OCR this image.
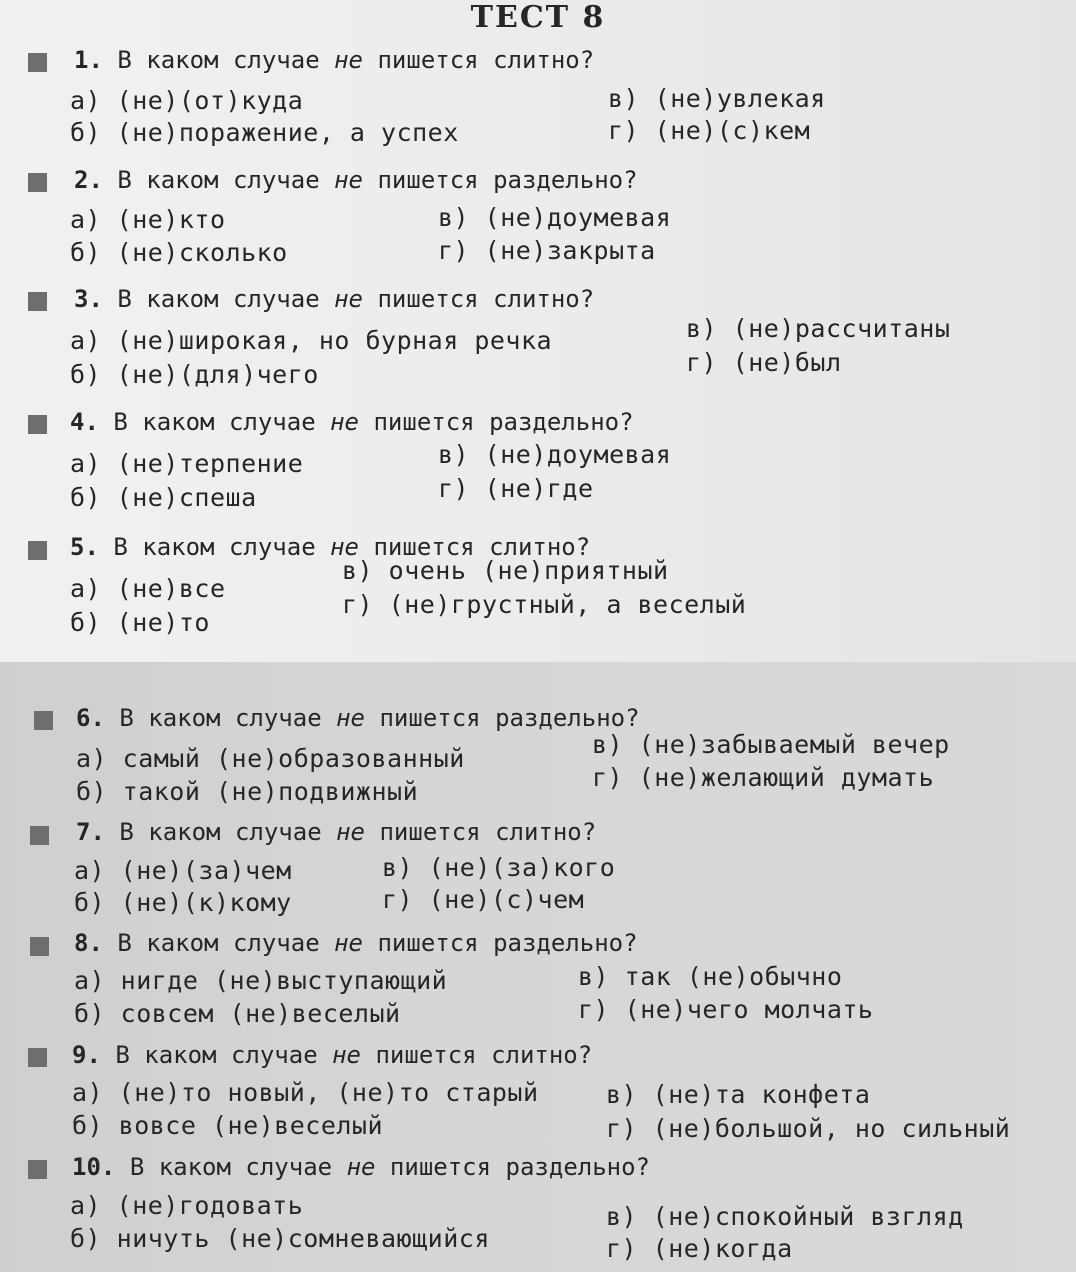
ТЕСТ 8
1. В каком случае не пишется слитно?
а) (не)(от)куда
б) (не)поражение, а успех
в) (не)увлекая
г) (не)(с)кем
2. В каком случае не пишется раздельно?
а) (не)кто
б) (не)сколько
в) (не)доумевая
г) (не)закрыта
3. В каком случае не пишется слитно?
а) (не)широкая, но бурная речка
б) (не)(для)чего
в) (не)рассчитаны
г) (не)был
4. В каком случае не пишется раздельно?
а) (не)терпение
б) (не)спеша
в) (не)доумевая
г) (не)где
5. В каком случае не пишется слитно?
а) (не)все
б) (не)то
в) очень (не)приятный
г) (не)грустный, а веселый
6. В каком случае не пишется раздельно?
а) самый (не)образованный
б) такой (не)подвижный
в) (не)забываемый вечер
г) (не)желающий думать
7. В каком случае не пишется слитно?
а) (не)(за)чем
б) (не)(к)кому
в) (не)(за)кого
г) (не)(с)чем
8. В каком случае не пишется раздельно?
а) нигде (не)выступающий
б) совсем (не)веселый
в) так (не)обычно
г) (не)чего молчать
9. В каком случае не пишется слитно?
а) (не)то новый, (не)то старый
б) вовсе (не)веселый
в) (не)та конфета
г) (не)большой, но сильный
10. В каком случае не пишется раздельно?
а) (не)годовать
б) ничуть (не)сомневающийся
в) (не)спокойный взгляд
г) (не)когда
